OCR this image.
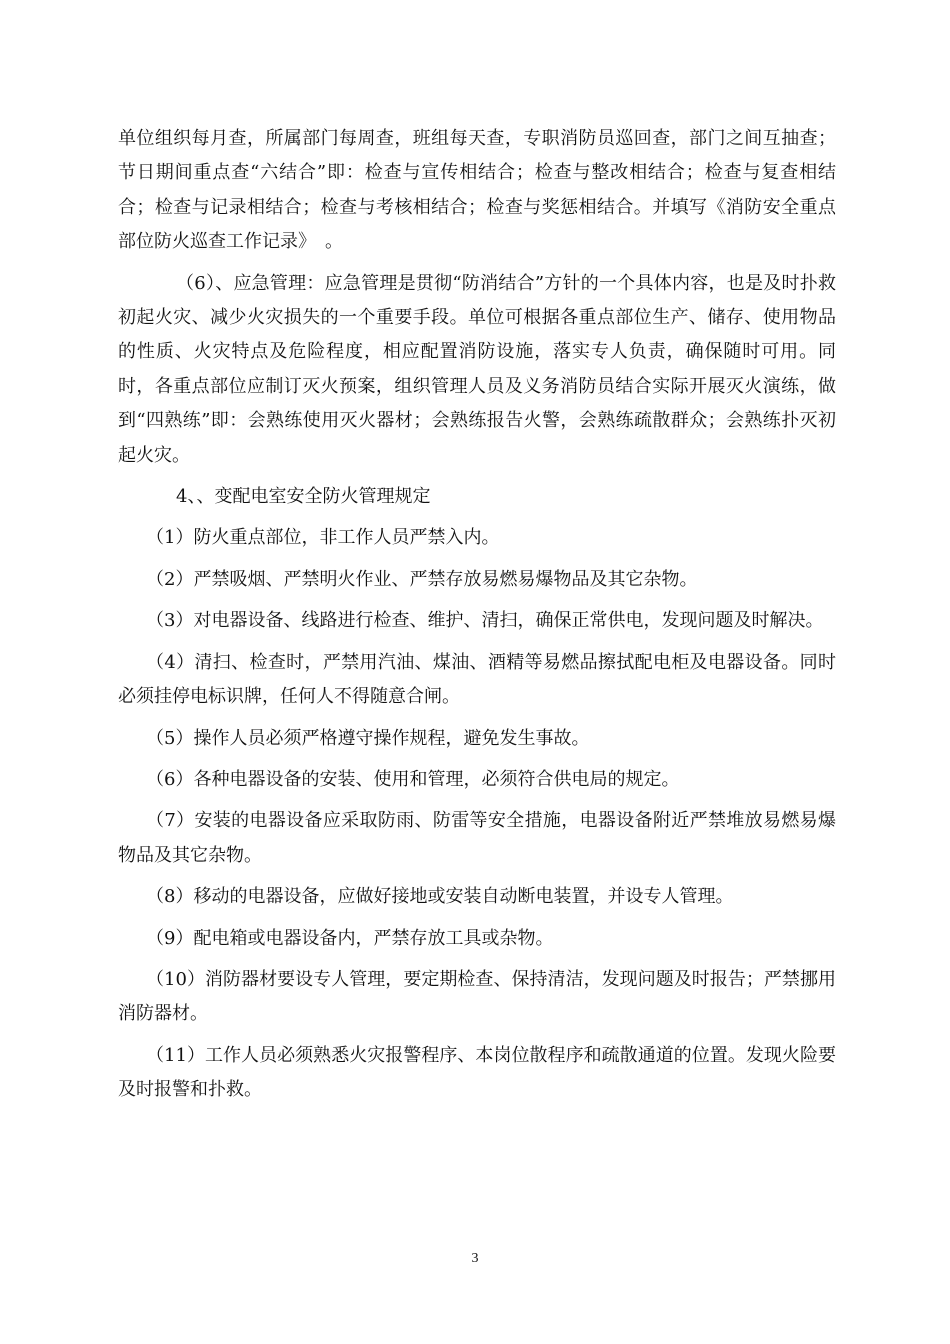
单位组织每月查，所属部门每周查，班组每天查，专职消防员巡回查，部门之间互抽查；节日期间重点查“六结合”即：检查与宣传相结合；检查与整改相结合；检查与复查相结合；检查与记录相结合；检查与考核相结合；检查与奖惩相结合。并填写《消防安全重点部位防火巡查工作记录》　。

（6）、应急管理：应急管理是贯彻“防消结合”方针的一个具体内容，也是及时扑救初起火灾、减少火灾损失的一个重要手段。单位可根据各重点部位生产、储存、使用物品的性质、火灾特点及危险程度，相应配置消防设施，落实专人负责，确保随时可用。同时，各重点部位应制订灭火预案，组织管理人员及义务消防员结合实际开展灭火演练，做到“四熟练”即：会熟练使用灭火器材；会熟练报告火警，会熟练疏散群众；会熟练扑灭初起火灾。

4、、变配电室安全防火管理规定

（1）防火重点部位，非工作人员严禁入内。

（2）严禁吸烟、严禁明火作业、严禁存放易燃易爆物品及其它杂物。

（3）对电器设备、线路进行检查、维护、清扫，确保正常供电，发现问题及时解决。

（4）清扫、检查时，严禁用汽油、煤油、酒精等易燃品擦拭配电柜及电器设备。同时必须挂停电标识牌，任何人不得随意合闸。

（5）操作人员必须严格遵守操作规程，避免发生事故。

（6）各种电器设备的安装、使用和管理，必须符合供电局的规定。

（7）安装的电器设备应采取防雨、防雷等安全措施，电器设备附近严禁堆放易燃易爆物品及其它杂物。

（8）移动的电器设备，应做好接地或安装自动断电装置，并设专人管理。

（9）配电箱或电器设备内，严禁存放工具或杂物。

（10）消防器材要设专人管理，要定期检查、保持清洁，发现问题及时报告；严禁挪用消防器材。

（11）工作人员必须熟悉火灾报警程序、本岗位散程序和疏散通道的位置。发现火险要及时报警和扑救。

3
